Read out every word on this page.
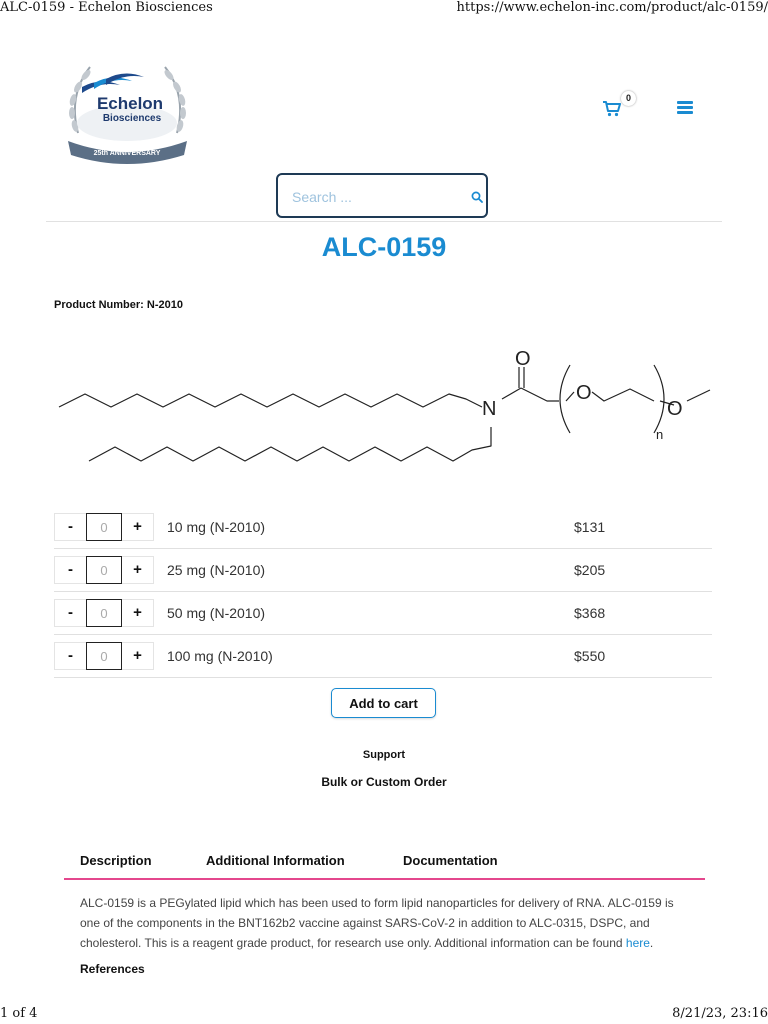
ALC-0159 - Echelon Biosciences	https://www.echelon-inc.com/product/alc-0159/
Echelon
Biosciences
25th ANNIVERSARY
0
Search ...
ALC-0159
Product Number: N-2010
O
N
O
O
n
-
0	+	10 mg (N-2010)	$131
-
0	+	25 mg (N-2010)	$205
-
0	+	50 mg (N-2010)	$368
-
0	+	100 mg (N-2010)	$550
Add to cart
Support
Bulk or Custom Order
Description	Additional Information	Documentation

ALC-0159 is a PEGylated lipid which has been used to form lipid nanoparticles for delivery of RNA. ALC-0159 is one of the components in the BNT162b2 vaccine against SARS-CoV-2 in addition to ALC-0315, DSPC, and cholesterol. This is a reagent grade product, for research use only. Additional information can be found here.

References
1 of 4	8/21/23, 23:16
